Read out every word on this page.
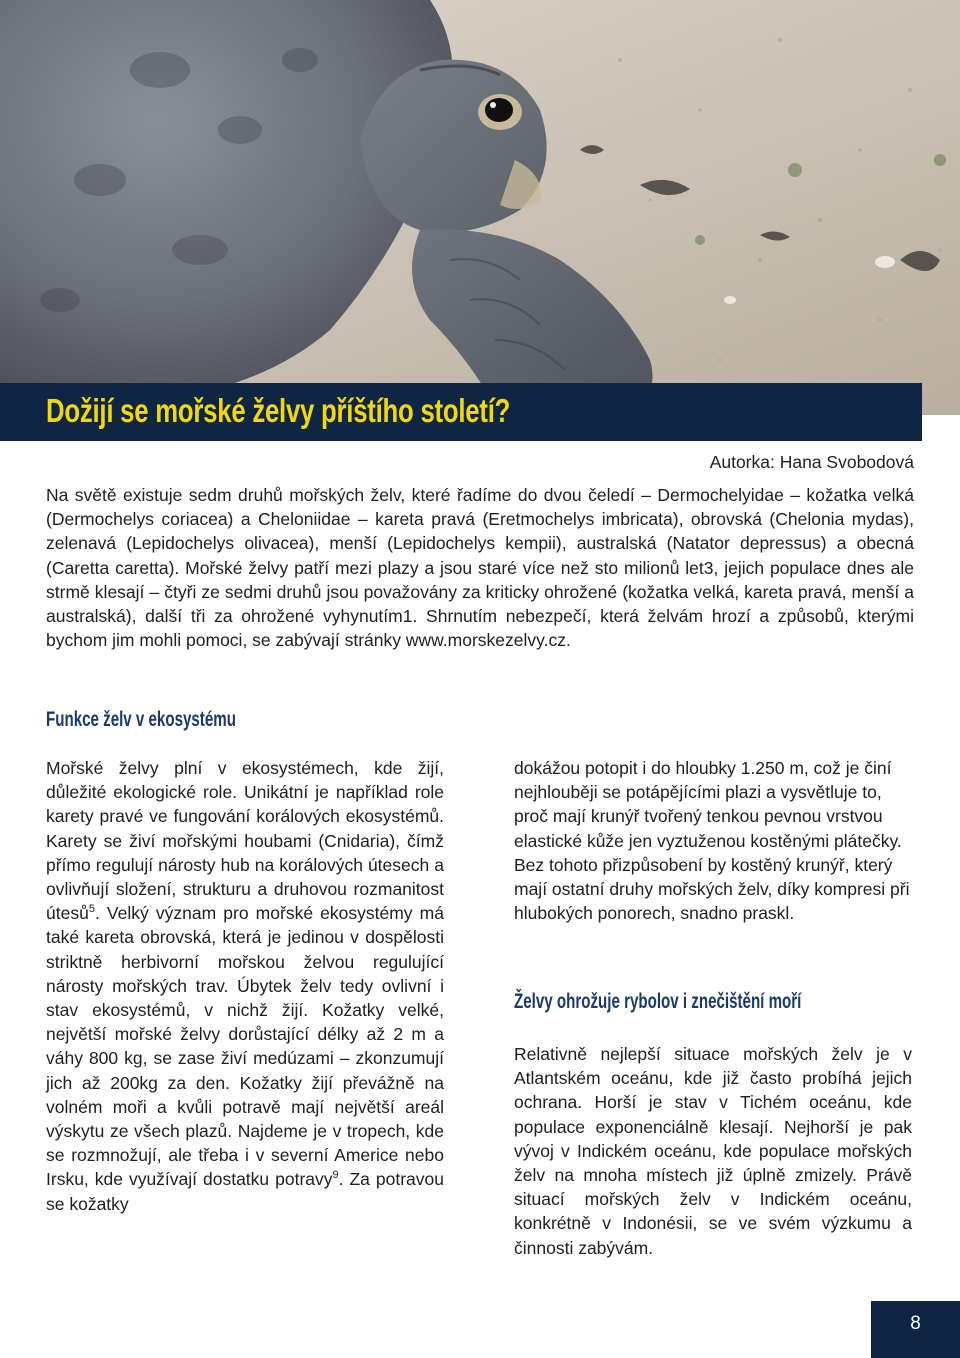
Dožijí se mořské želvy příštího století?
Autorka: Hana Svobodová

Na světě existuje sedm druhů mořských želv, které řadíme do dvou čeledí – Dermochelyidae – kožatka velká (Dermochelys coriacea) a Cheloniidae – kareta pravá (Eretmochelys imbricata), obrovská (Chelonia mydas), zelenavá (Lepidochelys olivacea), menší (Lepidochelys kempii), australská (Natator depressus) a obecná (Caretta caretta). Mořské želvy patří mezi plazy a jsou staré více než sto milionů let3, jejich populace dnes ale strmě klesají – čtyři ze sedmi druhů jsou považovány za kriticky ohrožené (kožatka velká, kareta pravá, menší a australská), další tři za ohrožené vyhynutím1. Shrnutím nebezpečí, která želvám hrozí a způsobů, kterými bychom jim mohli pomoci, se zabývají stránky www.morskezelvy.cz.

Funkce želv v ekosystému

Mořské želvy plní v ekosystémech, kde žijí, důležité ekologické role. Unikátní je například role karety pravé ve fungování korálových ekosystémů. Karety se živí mořskými houbami (Cnidaria), čímž přímo regulují nárosty hub na korálových útesech a ovlivňují složení, strukturu a druhovou rozmanitost útesů$^5$. Velký význam pro mořské ekosystémy má také kareta obrovská, která je jedinou v dospělosti striktně herbivorní mořskou želvou regulující nárosty mořských trav. Úbytek želv tedy ovlivní i stav ekosystémů, v nichž žijí. Kožatky velké, největší mořské želvy dorůstající délky až 2 m a váhy 800 kg, se zase živí medúzami – zkonzumují jich až 200kg za den. Kožatky žijí převážně na volném moři a kvůli potravě mají největší areál výskytu ze všech plazů. Najdeme je v tropech, kde se rozmnožují, ale třeba i v severní Americe nebo Irsku, kde využívají dostatku potravy$^9$. Za potravou se kožatky

dokážou potopit i do hloubky 1.250 m, což je činí nejhlouběji se potápějícími plazi a vysvětluje to, proč mají krunýř tvořený tenkou pevnou vrstvou elastické kůže jen vyztuženou kostěnými plátečky. Bez tohoto přizpůsobení by kostěný krunýř, který mají ostatní druhy mořských želv, díky kompresi při hlubokých ponorech, snadno praskl.

Želvy ohrožuje rybolov i znečištění moří

Relativně nejlepší situace mořských želv je v Atlantském oceánu, kde již často probíhá jejich ochrana. Horší je stav v Tichém oceánu, kde populace exponenciálně klesají. Nejhorší je pak vývoj v Indickém oceánu, kde populace mořských želv na mnoha místech již úplně zmizely. Právě situací mořských želv v Indickém oceánu, konkrétně v Indonésii, se ve svém výzkumu a činnosti zabývám.

8
